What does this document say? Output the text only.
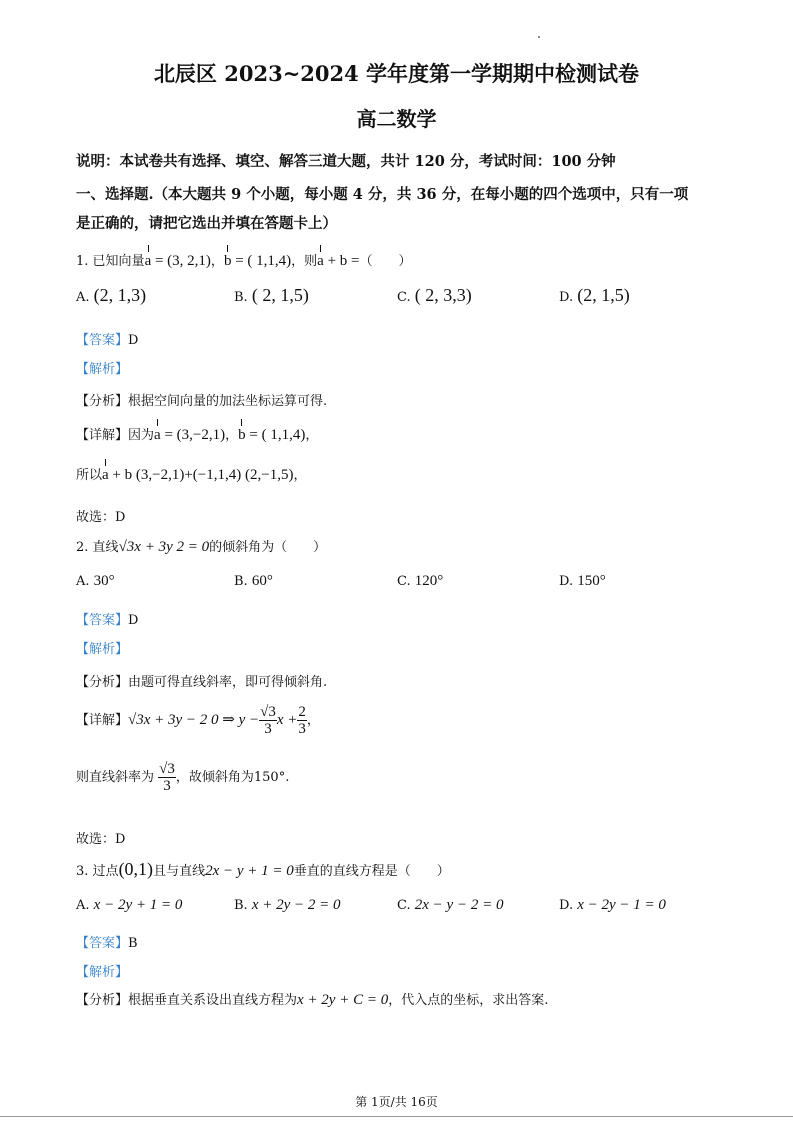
北辰区 2023~2024 学年度第一学期期中检测试卷
高二数学
说明：本试卷共有选择、填空、解答三道大题，共计 120 分，考试时间：100 分钟
一、选择题.（本大题共 9 个小题，每小题 4 分，共 36 分，在每小题的四个选项中，只有一项
是正确的，请把它选出并填在答题卡上）
1. 已知向量a = (3, 2,1)，b = ( 1,1,4)，则a + b =（　　）
A. (2, 1,3)	B. ( 2, 1,5)	C. ( 2, 3,3)	D. (2, 1,5)
【答案】D
【解析】
【分析】根据空间向量的加法坐标运算可得.
【详解】因为a = (3,−2,1)，b = ( 1,1,4)，
所以a + b (3,−2,1)+(−1,1,4) (2,−1,5)，
故选：D
2. 直线√3x + 3y 2 = 0的倾斜角为（　　）
A. 30°	B. 60°	C. 120°	D. 150°
【答案】D
【解析】
【分析】由题可得直线斜率，即可得倾斜角.
【详解】√3x + 3y − 2 0 ⇒ $y - \frac{√3}{3}$ $x + \frac{2}{3}$ ，
则直线斜率为 $\frac{√3}{3}$ ，故倾斜角为150°.
故选：D
3. 过点(0,1)且与直线2x − y + 1 = 0垂直的直线方程是（　　）
A. x − 2y + 1 = 0	B. x + 2y − 2 = 0	C. 2x − y − 2 = 0	D. x − 2y − 1 = 0
【答案】B
【解析】
【分析】根据垂直关系设出直线方程为x + 2y + C = 0，代入点的坐标，求出答案.
第 1页/共 16页
